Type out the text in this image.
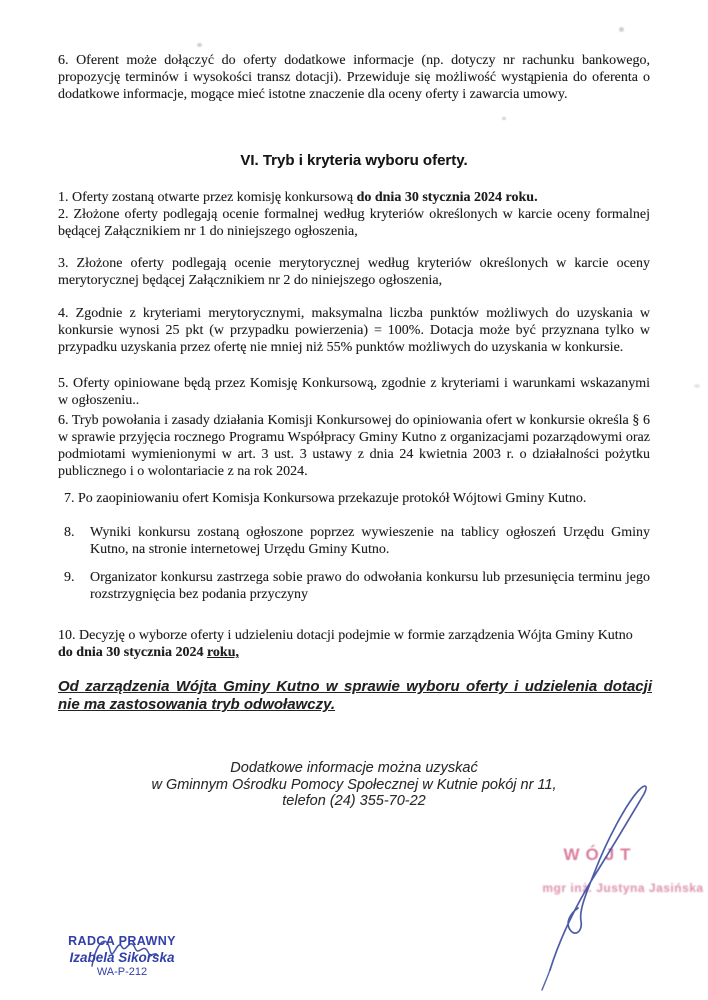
6. Oferent może dołączyć do oferty dodatkowe informacje (np. dotyczy nr rachunku bankowego, propozycję terminów i wysokości transz dotacji). Przewiduje się możliwość wystąpienia do oferenta o dodatkowe informacje, mogące mieć istotne znaczenie dla oceny oferty i zawarcia umowy.

VI. Tryb i kryteria wyboru oferty.

1. Oferty zostaną otwarte przez komisję konkursową do dnia 30 stycznia 2024 roku.

2. Złożone oferty podlegają ocenie formalnej według kryteriów określonych w karcie oceny formalnej będącej Załącznikiem nr 1 do niniejszego ogłoszenia,

3. Złożone oferty podlegają ocenie merytorycznej według kryteriów określonych w karcie oceny merytorycznej będącej Załącznikiem nr 2 do niniejszego ogłoszenia,

4. Zgodnie z kryteriami merytorycznymi, maksymalna liczba punktów możliwych do uzyskania w konkursie wynosi 25 pkt (w przypadku powierzenia) = 100%. Dotacja może być przyznana tylko w przypadku uzyskania przez ofertę nie mniej niż 55% punktów możliwych do uzyskania w konkursie.

5. Oferty opiniowane będą przez Komisję Konkursową, zgodnie z kryteriami i warunkami wskazanymi w ogłoszeniu..

6. Tryb powołania i zasady działania Komisji Konkursowej do opiniowania ofert w konkursie określa § 6 w sprawie przyjęcia rocznego Programu Współpracy Gminy Kutno z organizacjami pozarządowymi oraz podmiotami wymienionymi w art. 3 ust. 3 ustawy z dnia 24 kwietnia 2003 r. o działalności pożytku publicznego i o wolontariacie z na rok 2024.

7. Po zaopiniowaniu ofert Komisja Konkursowa przekazuje protokół Wójtowi Gminy Kutno.

8.	Wyniki konkursu zostaną ogłoszone poprzez wywieszenie na tablicy ogłoszeń Urzędu Gminy Kutno, na stronie internetowej Urzędu Gminy Kutno.
9.	Organizator konkursu zastrzega sobie prawo do odwołania konkursu lub przesunięcia terminu jego rozstrzygnięcia bez podania przyczyny

10. Decyzję o wyborze oferty i udzieleniu dotacji podejmie w formie zarządzenia Wójta Gminy Kutno do dnia 30 stycznia 2024 roku,

Od zarządzenia Wójta Gminy Kutno w sprawie wyboru oferty i udzielenia dotacji nie ma zastosowania tryb odwoławczy.

Dodatkowe informacje można uzyskać
w Gminnym Ośrodku Pomocy Społecznej w Kutnie pokój nr 11,
telefon (24) 355-70-22

WÓJT

mgr inż. Justyna Jasińska

RADCA PRAWNY

Izabela Sikorska

WA-P-212
